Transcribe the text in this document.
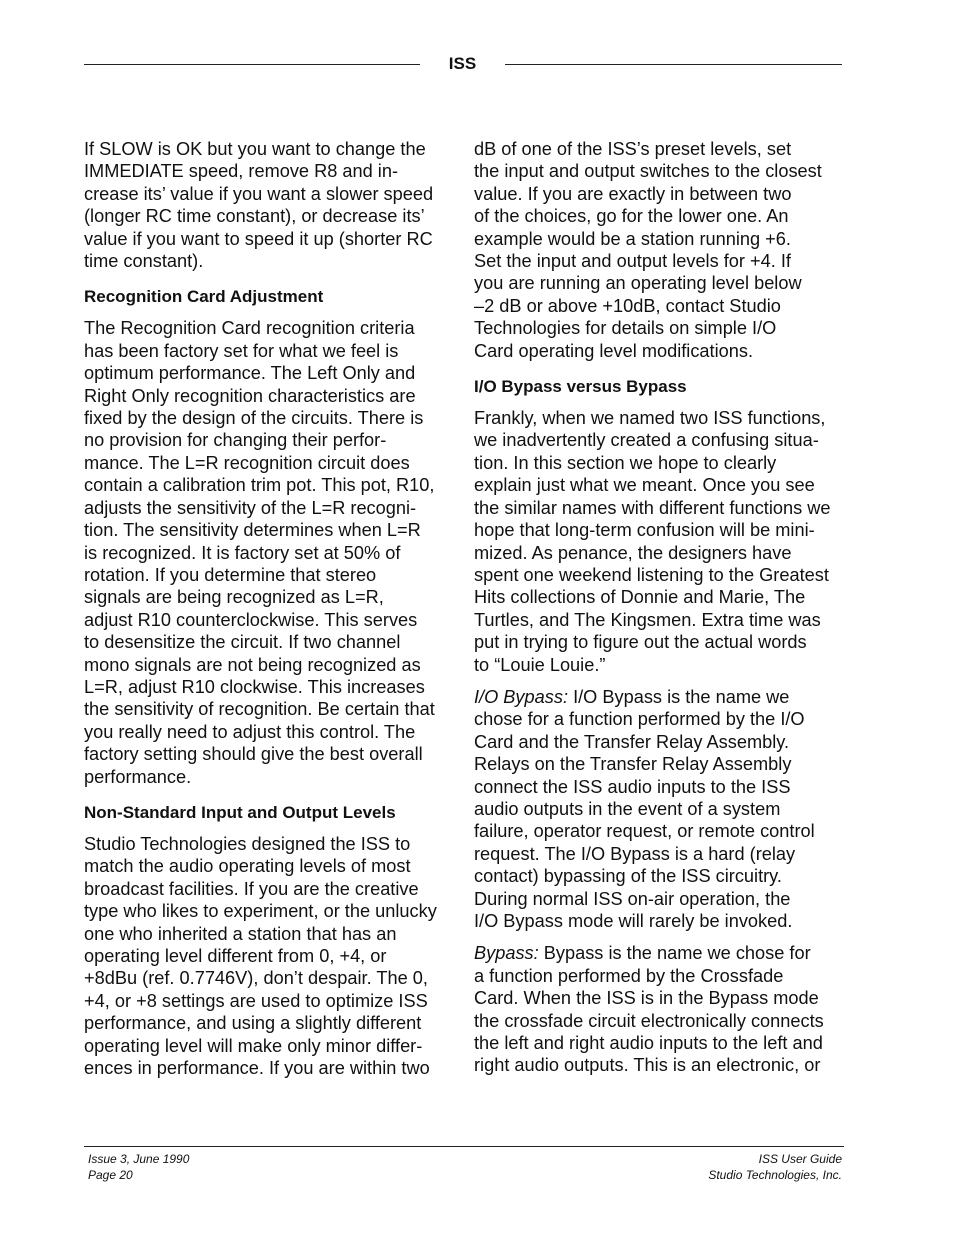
ISS

If SLOW is OK but you want to change the
IMMEDIATE speed, remove R8 and in-
crease its’ value if you want a slower speed
(longer RC time constant), or decrease its’
value if you want to speed it up (shorter RC
time constant).

Recognition Card Adjustment

The Recognition Card recognition criteria
has been factory set for what we feel is
optimum performance. The Left Only and
Right Only recognition characteristics are
fixed by the design of the circuits. There is
no provision for changing their perfor-
mance. The L=R recognition circuit does
contain a calibration trim pot. This pot, R10,
adjusts the sensitivity of the L=R recogni-
tion. The sensitivity determines when L=R
is recognized. It is factory set at 50% of
rotation. If you determine that stereo
signals are being recognized as L=R,
adjust R10 counterclockwise. This serves
to desensitize the circuit. If two channel
mono signals are not being recognized as
L=R, adjust R10 clockwise. This increases
the sensitivity of recognition. Be certain that
you really need to adjust this control. The
factory setting should give the best overall
performance.

Non-Standard Input and Output Levels

Studio Technologies designed the ISS to
match the audio operating levels of most
broadcast facilities. If you are the creative
type who likes to experiment, or the unlucky
one who inherited a station that has an
operating level different from 0, +4, or
+8dBu (ref. 0.7746V), don’t despair. The 0,
+4, or +8 settings are used to optimize ISS
performance, and using a slightly different
operating level will make only minor differ-
ences in performance. If you are within two

dB of one of the ISS’s preset levels, set
the input and output switches to the closest
value. If you are exactly in between two
of the choices, go for the lower one. An
example would be a station running +6.
Set the input and output levels for +4. If
you are running an operating level below
–2 dB or above +10dB, contact Studio
Technologies for details on simple I/O
Card operating level modifications.

I/O Bypass versus Bypass

Frankly, when we named two ISS functions,
we inadvertently created a confusing situa-
tion. In this section we hope to clearly
explain just what we meant. Once you see
the similar names with different functions we
hope that long-term confusion will be mini-
mized. As penance, the designers have
spent one weekend listening to the Greatest
Hits collections of Donnie and Marie, The
Turtles, and The Kingsmen. Extra time was
put in trying to figure out the actual words
to “Louie Louie.”

I/O Bypass: I/O Bypass is the name we
chose for a function performed by the I/O
Card and the Transfer Relay Assembly.
Relays on the Transfer Relay Assembly
connect the ISS audio inputs to the ISS
audio outputs in the event of a system
failure, operator request, or remote control
request. The I/O Bypass is a hard (relay
contact) bypassing of the ISS circuitry.
During normal ISS on-air operation, the
I/O Bypass mode will rarely be invoked.

Bypass: Bypass is the name we chose for
a function performed by the Crossfade
Card. When the ISS is in the Bypass mode
the crossfade circuit electronically connects
the left and right audio inputs to the left and
right audio outputs. This is an electronic, or

Issue 3, June 1990
Page 20
ISS User Guide
Studio Technologies, Inc.
